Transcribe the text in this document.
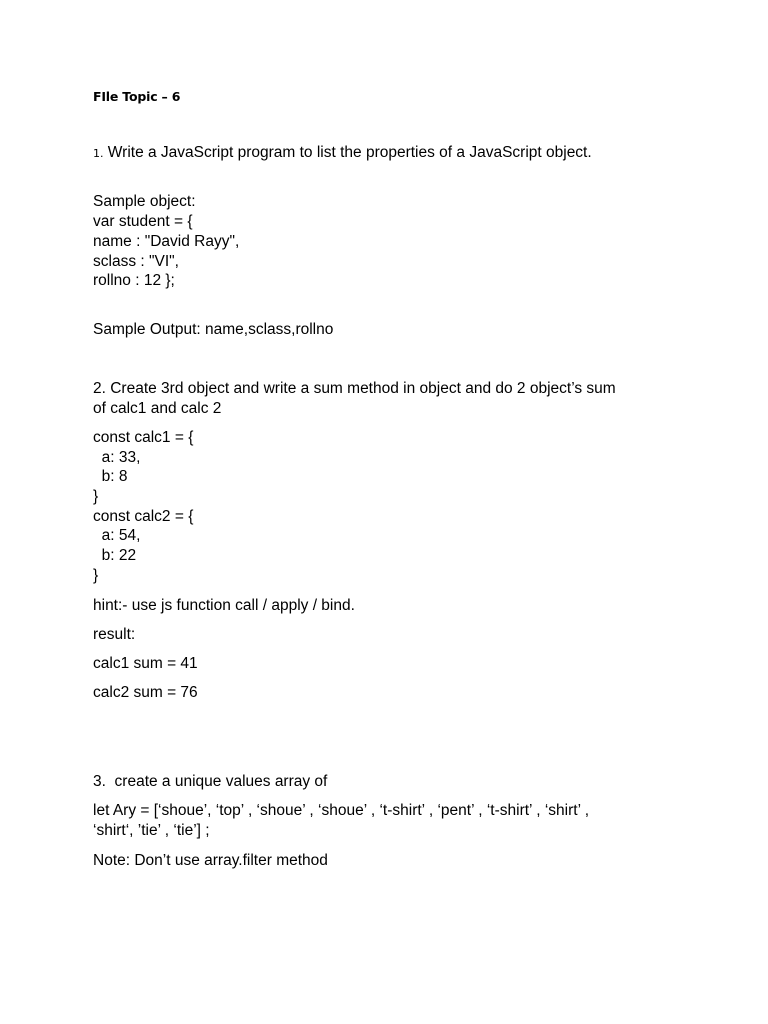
FIle Topic – 6
1. Write a JavaScript program to list the properties of a JavaScript object.
Sample object:
var student = {
name : "David Rayy",
sclass : "VI",
rollno : 12 };
Sample Output: name,sclass,rollno
2. Create 3rd object and write a sum method in object and do 2 object’s sum
of calc1 and calc 2
const calc1 = {
a: 33,
b: 8
}
const calc2 = {
a: 54,
b: 22
}
hint:- use js function call / apply / bind.
result:
calc1 sum = 41
calc2 sum = 76
3.  create a unique values array of
let Ary = [‘shoue’, ‘top’ , ‘shoue’ , ‘shoue’ , ‘t-shirt’ , ‘pent’ , ‘t-shirt’ , ‘shirt’ ,
‘shirt‘, ’tie’ , ‘tie’] ;
Note: Don’t use array.filter method
